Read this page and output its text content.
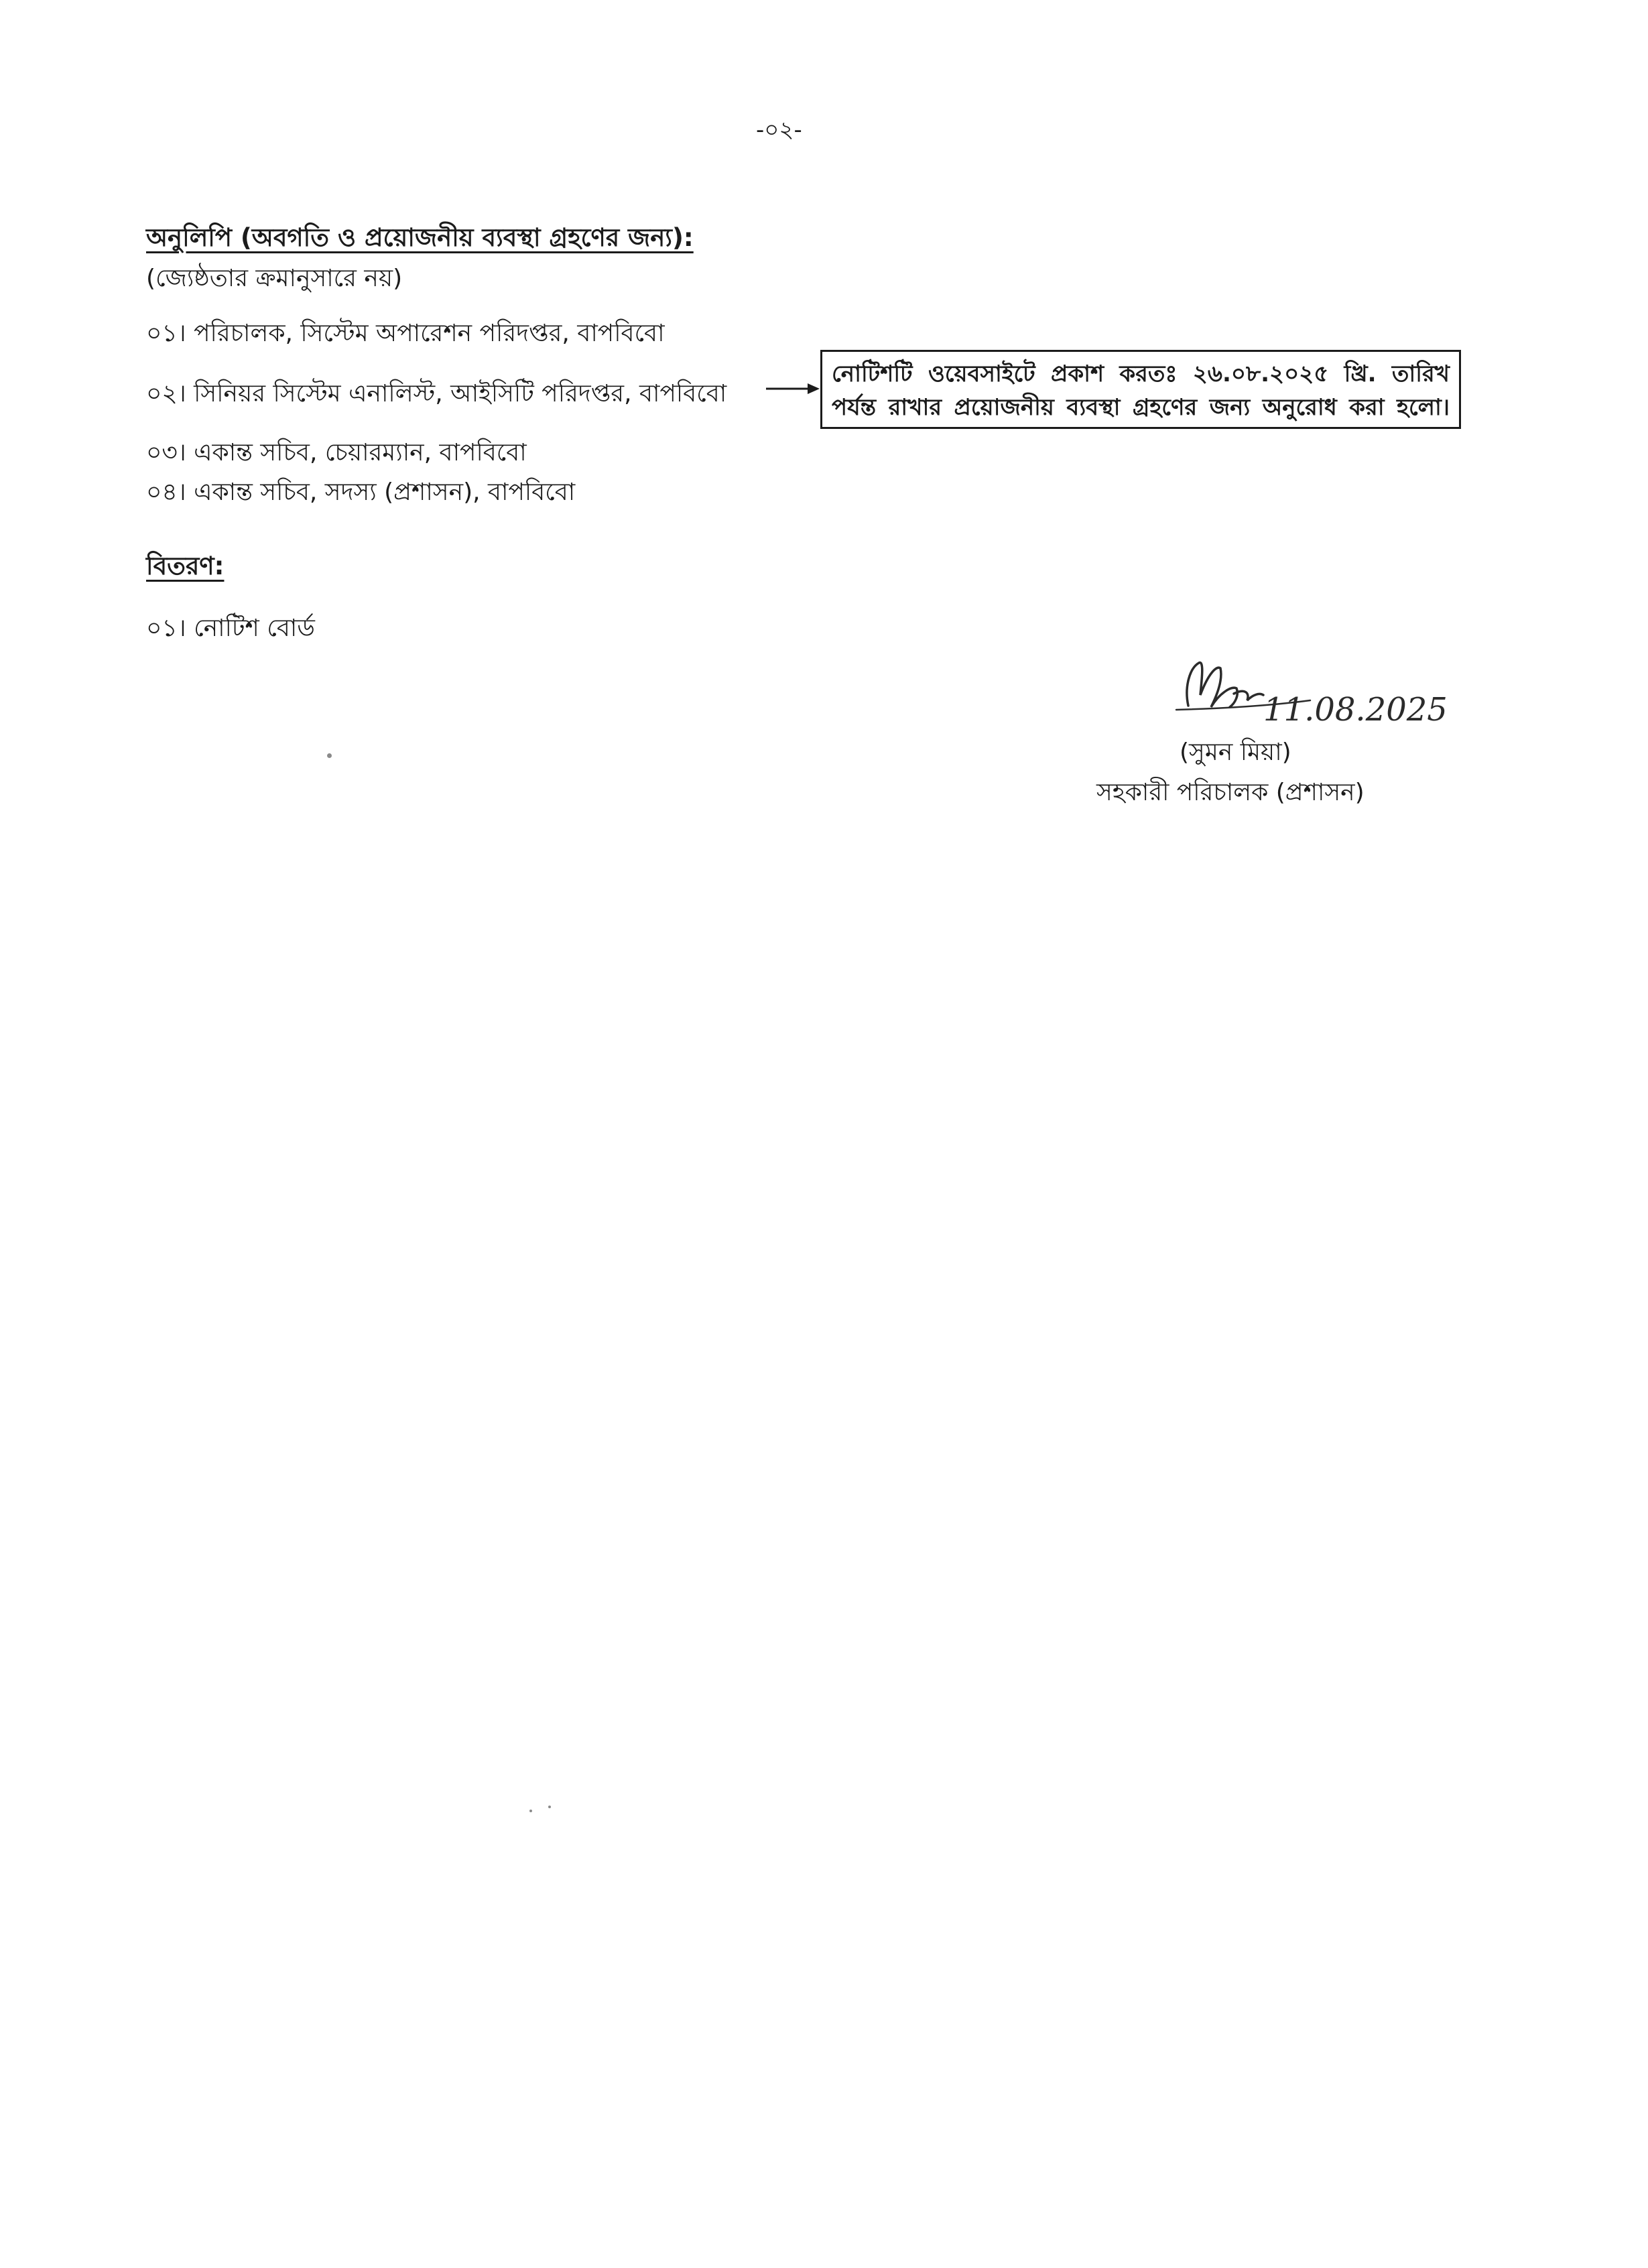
-০২-
অনুলিপি (অবগতি ও প্রয়োজনীয় ব্যবস্থা গ্রহণের জন্য):
(জ্যেষ্ঠতার ক্রমানুসারে নয়)
০১। পরিচালক, সিস্টেম অপারেশন পরিদপ্তর, বাপবিবো
০২। সিনিয়র সিস্টেম এনালিস্ট, আইসিটি পরিদপ্তর, বাপবিবো
নোটিশটি ওয়েবসাইটে প্রকাশ করতঃ ২৬.০৮.২০২৫ খ্রি. তারিখ পর্যন্ত রাখার প্রয়োজনীয় ব্যবস্থা গ্রহণের জন্য অনুরোধ করা হলো।
০৩। একান্ত সচিব, চেয়ারম্যান, বাপবিবো
০৪। একান্ত সচিব, সদস্য (প্রশাসন), বাপবিবো
বিতরণ:
০১। নোটিশ বোর্ড
11.08.2025
(সুমন মিয়া)
সহকারী পরিচালক (প্রশাসন)
